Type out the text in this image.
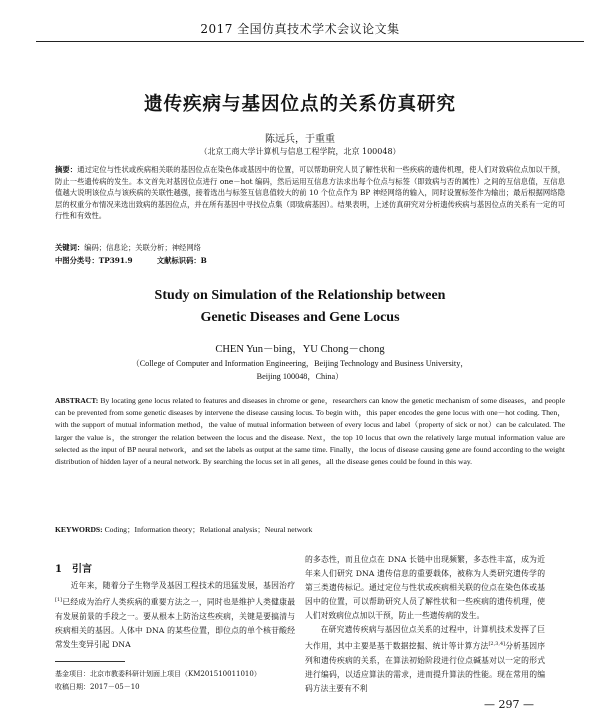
2017 全国仿真技术学术会议论文集
遗传疾病与基因位点的关系仿真研究
陈远兵，于重重
（北京工商大学计算机与信息工程学院，北京 100048）
摘要：通过定位与性状或疾病相关联的基因位点在染色体或基因中的位置，可以帮助研究人员了解性状和一些疾病的遗传机理，使人们对致病位点加以干预，防止一些遗传病的发生。本文首先对基因位点进行 one－hot 编码，然后运用互信息方法求出每个位点与标签（即致病与否的属性）之间的互信息值，互信息值越大说明该位点与该疾病的关联性越强，接着选出与标签互信息值较大的前 10 个位点作为 BP 神经网络的输入，同时设置标签作为输出；最后根据网络隐层的权重分布情况来选出致病的基因位点，并在所有基因中寻找位点集（即致病基因）。结果表明，上述仿真研究对分析遗传疾病与基因位点的关系有一定的可行性和有效性。
关键词：编码；信息论；关联分析；神经网络
中图分类号：TP391.9	文献标识码：B
Study on Simulation of the Relationship between
Genetic Diseases and Gene Locus
CHEN Yun－bing，YU Chong－chong
（College of Computer and Information Engineering，Beijing Technology and Business University，
Beijing 100048，China）
ABSTRACT: By locating gene locus related to features and diseases in chrome or gene，researchers can know the genetic mechanism of some diseases，and people can be prevented from some genetic diseases by intervene the disease causing locus. To begin with，this paper encodes the gene locus with one－hot coding. Then，with the support of mutual information method，the value of mutual information between of every locus and label（property of sick or not）can be calculated. The larger the value is，the stronger the relation between the locus and the disease. Next，the top 10 locus that own the relatively large mutual information value are selected as the input of BP neural network，and set the labels as output at the same time. Finally，the locus of disease causing gene are found according to the weight distribution of hidden layer of a neural network. By searching the locus set in all genes，all the disease genes could be found in this way.
KEYWORDS: Coding；Information theory；Relational analysis；Neural network
1　引言

近年来，随着分子生物学及基因工程技术的迅猛发展，基因治疗[1]已经成为治疗人类疾病的重要方法之一，同时也是维护人类健康最有发展前景的手段之一。要从根本上防治这些疾病，关键是要搞清与疾病相关的基因。人体中 DNA 的某些位置，即位点的单个核苷酸经常发生变异引起 DNA

的多态性，而且位点在 DNA 长链中出现频繁，多态性丰富，成为近年来人们研究 DNA 遗传信息的重要载体，被称为人类研究遗传学的第三类遗传标记。通过定位与性状或疾病相关联的位点在染色体或基因中的位置，可以帮助研究人员了解性状和一些疾病的遗传机理，使人们对致病位点加以干预，防止一些遗传病的发生。

在研究遗传疾病与基因位点关系的过程中，计算机技术发挥了巨大作用，其中主要是基于数据挖掘、统计等计算方法[2,3,4]分析基因序列和遗传疾病的关系，在算法初始阶段进行位点碱基对以一定的形式进行编码，以适应算法的需求，进而提升算法的性能。现在常用的编码方法主要有不利

基金项目：北京市教委科研计划面上项目（KM201510011010）
收稿日期：2017－05－10
— 297 —
